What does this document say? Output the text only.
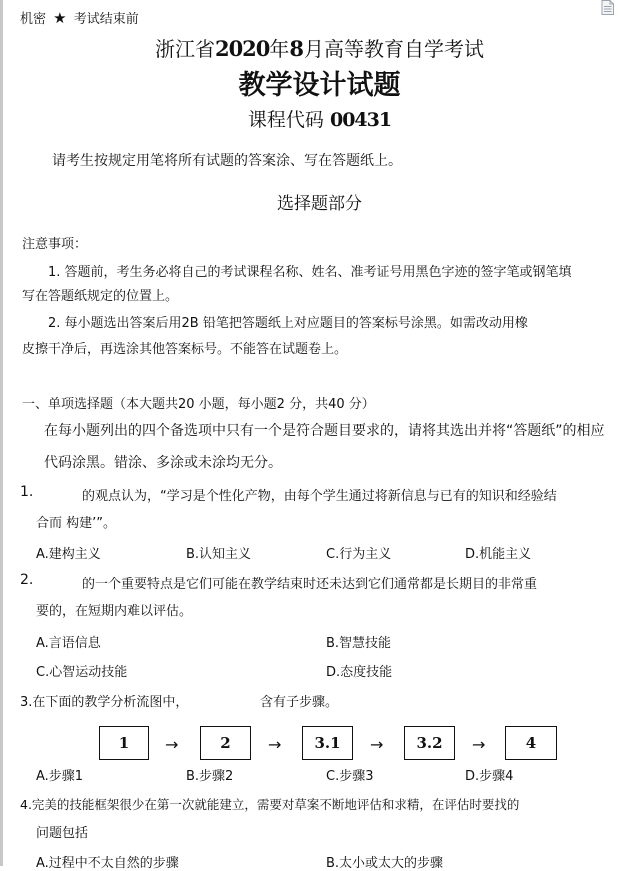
机密 ★ 考试结束前
浙江省2020年8月高等教育自学考试
教学设计试题
课程代码 00431
请考生按规定用笔将所有试题的答案涂、写在答题纸上。
选择题部分
注意事项：
1. 答题前，考生务必将自己的考试课程名称、姓名、准考证号用黑色字迹的签字笔或钢笔填
写在答题纸规定的位置上。
2. 每小题选出答案后用2B 铅笔把答题纸上对应题目的答案标号涂黑。如需改动用橡
皮擦干净后，再选涂其他答案标号。不能答在试题卷上。
一、单项选择题（本大题共20 小题，每小题2 分，共40 分）
在每小题列出的四个备选项中只有一个是符合题目要求的，请将其选出并将“答题纸”的相应
代码涂黑。错涂、多涂或未涂均无分。
1.	的观点认为，“学习是个性化产物，由每个学生通过将新信息与已有的知识和经验结
合而 构建’”。
A.建构主义	B.认知主义	C.行为主义	D.机能主义
2.	的一个重要特点是它们可能在教学结束时还未达到它们通常都是长期目的非常重
要的，在短期内难以评估。
A.言语信息	B.智慧技能
C.心智运动技能	D.态度技能
3.在下面的教学分析流图中，	含有子步骤。
1	→	2	→	3.1	→	3.2	→	4
A.步骤1	B.步骤2	C.步骤3	D.步骤4
4.完美的技能框架很少在第一次就能建立，需要对草案不断地评估和求精，在评估时要找的
问题包括
A.过程中不太自然的步骤	B.太小或太大的步骤
